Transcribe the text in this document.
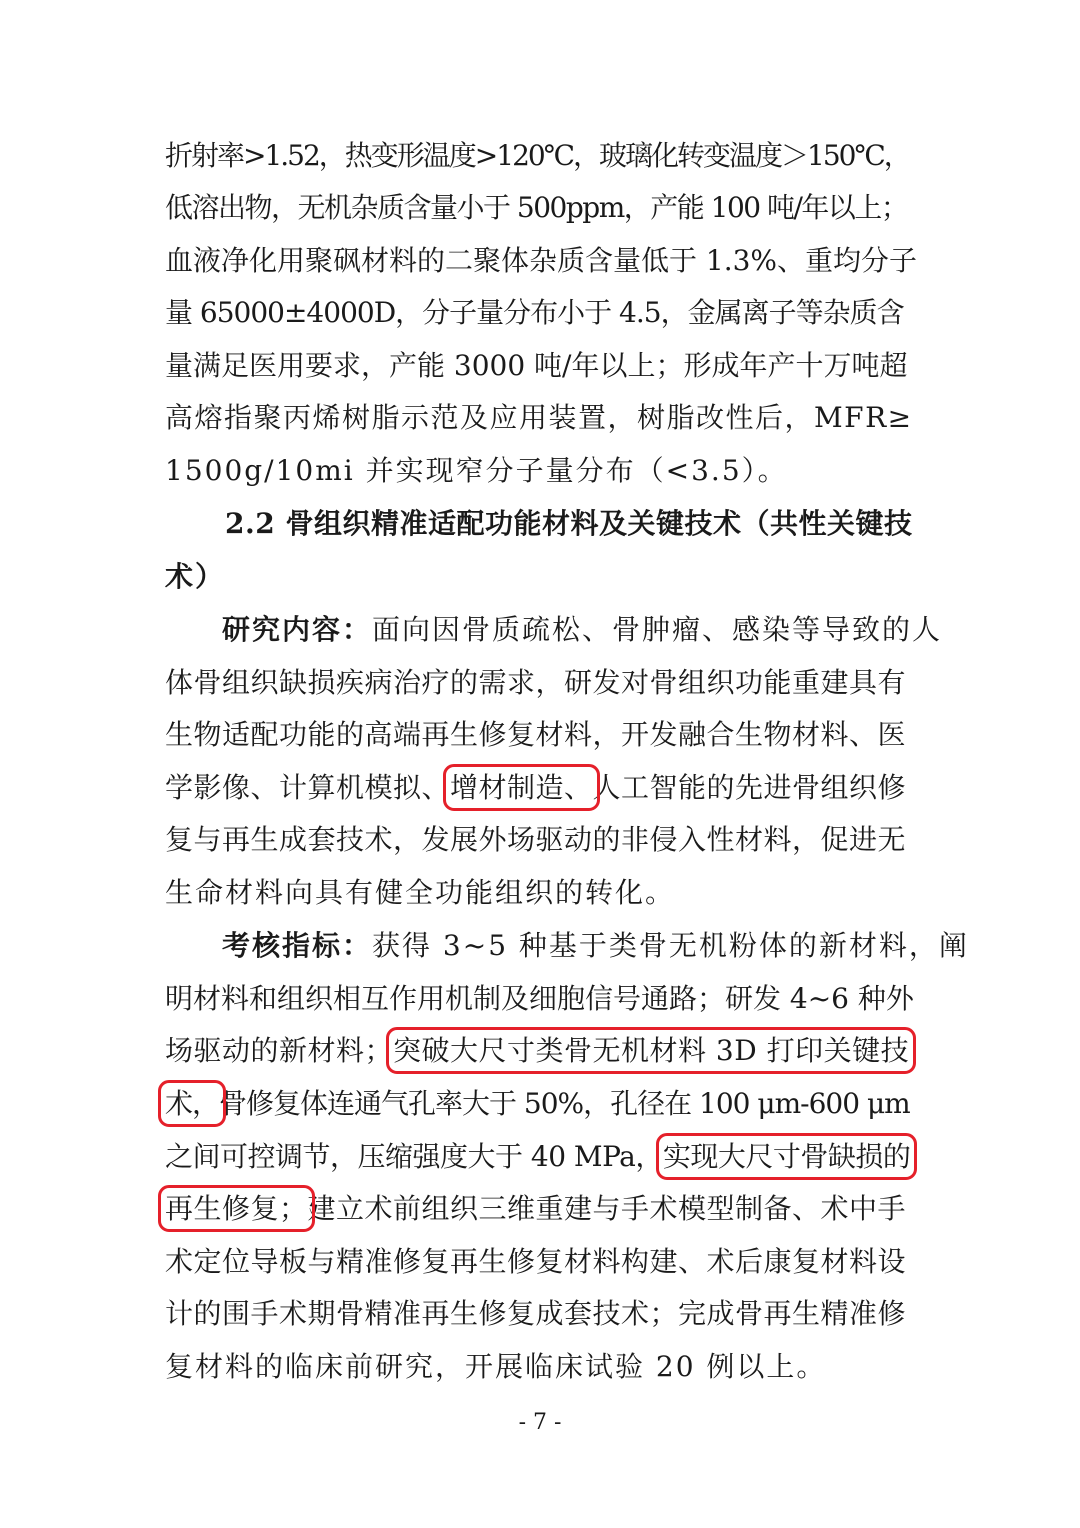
折射率>1.52，热变形温度>120℃，玻璃化转变温度＞150℃，
低溶出物，无机杂质含量小于 500ppm，产能 100 吨/年以上；
血液净化用聚砜材料的二聚体杂质含量低于 1.3%、重均分子
量 65000±4000D，分子量分布小于 4.5，金属离子等杂质含
量满足医用要求，产能 3000 吨/年以上；形成年产十万吨超
高熔指聚丙烯树脂示范及应用装置，树脂改性后，MFR≥
1500g/10mi 并实现窄分子量分布（<3.5）。
2.2 骨组织精准适配功能材料及关键技术（共性关键技
术）
研究内容：面向因骨质疏松、骨肿瘤、感染等导致的人
体骨组织缺损疾病治疗的需求，研发对骨组织功能重建具有
生物适配功能的高端再生修复材料，开发融合生物材料、医
学影像、计算机模拟、增材制造、人工智能的先进骨组织修
复与再生成套技术，发展外场驱动的非侵入性材料，促进无
生命材料向具有健全功能组织的转化。
考核指标：获得 3~5 种基于类骨无机粉体的新材料，阐
明材料和组织相互作用机制及细胞信号通路；研发 4~6 种外
场驱动的新材料；突破大尺寸类骨无机材料 3D 打印关键技
术，骨修复体连通气孔率大于 50%，孔径在 100 μm-600 μm
之间可控调节，压缩强度大于 40 MPa，实现大尺寸骨缺损的
再生修复；建立术前组织三维重建与手术模型制备、术中手
术定位导板与精准修复再生修复材料构建、术后康复材料设
计的围手术期骨精准再生修复成套技术；完成骨再生精准修
复材料的临床前研究，开展临床试验 20 例以上。
- 7 -
